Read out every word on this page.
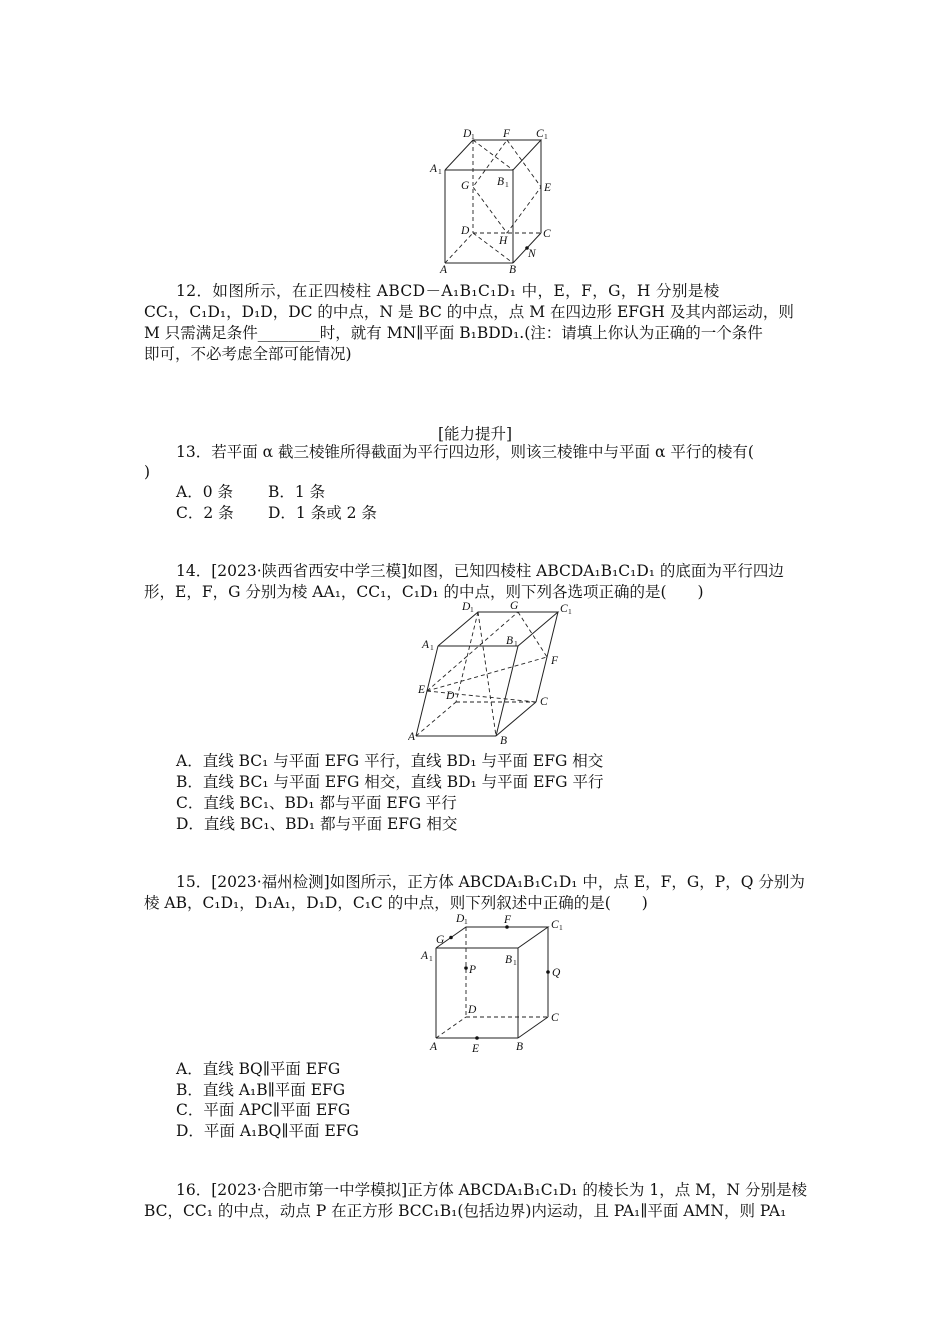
D 1 F C 1
A 1
G B 1	E
D
H
C
N
A	B
12．如图所示，在正四棱柱 ABCD－A₁B₁C₁D₁ 中，E，F，G，H 分别是棱
CC₁，C₁D₁，D₁D，DC 的中点，N 是 BC 的中点，点 M 在四边形 EFGH 及其内部运动，则
M 只需满足条件________时，就有 MN∥平面 B₁BDD₁.(注：请填上你认为正确的一个条件
即可，不必考虑全部可能情况)
[能力提升]
13．若平面 α 截三棱锥所得截面为平行四边形，则该三棱锥中与平面 α 平行的棱有(
)
A．0 条 B．1 条
C．2 条 D．1 条或 2 条
14．[2023·陕西省西安中学三模]如图，已知四棱柱 ABCDA₁B₁C₁D₁ 的底面为平行四边
形，E，F，G 分别为棱 AA₁，CC₁，C₁D₁ 的中点，则下列各选项正确的是(　　)
D 1	G	C 1
A 1
B 1
F
E D	C
A	B
A．直线 BC₁ 与平面 EFG 平行，直线 BD₁ 与平面 EFG 相交
B．直线 BC₁ 与平面 EFG 相交，直线 BD₁ 与平面 EFG 平行
C．直线 BC₁、BD₁ 都与平面 EFG 平行
D．直线 BC₁、BD₁ 都与平面 EFG 相交
15．[2023·福州检测]如图所示，正方体 ABCDA₁B₁C₁D₁ 中，点 E，F，G，P，Q 分别为
棱 AB，C₁D₁，D₁A₁，D₁D，C₁C 的中点，则下列叙述中正确的是(　　)
D 1	F	C 1
G
A 1
P
B 1
Q
D
C
A	E	B
A．直线 BQ∥平面 EFG
B．直线 A₁B∥平面 EFG
C．平面 APC∥平面 EFG
D．平面 A₁BQ∥平面 EFG
16．[2023·合肥市第一中学模拟]正方体 ABCDA₁B₁C₁D₁ 的棱长为 1，点 M，N 分别是棱
BC，CC₁ 的中点，动点 P 在正方形 BCC₁B₁(包括边界)内运动，且 PA₁∥平面 AMN，则 PA₁
